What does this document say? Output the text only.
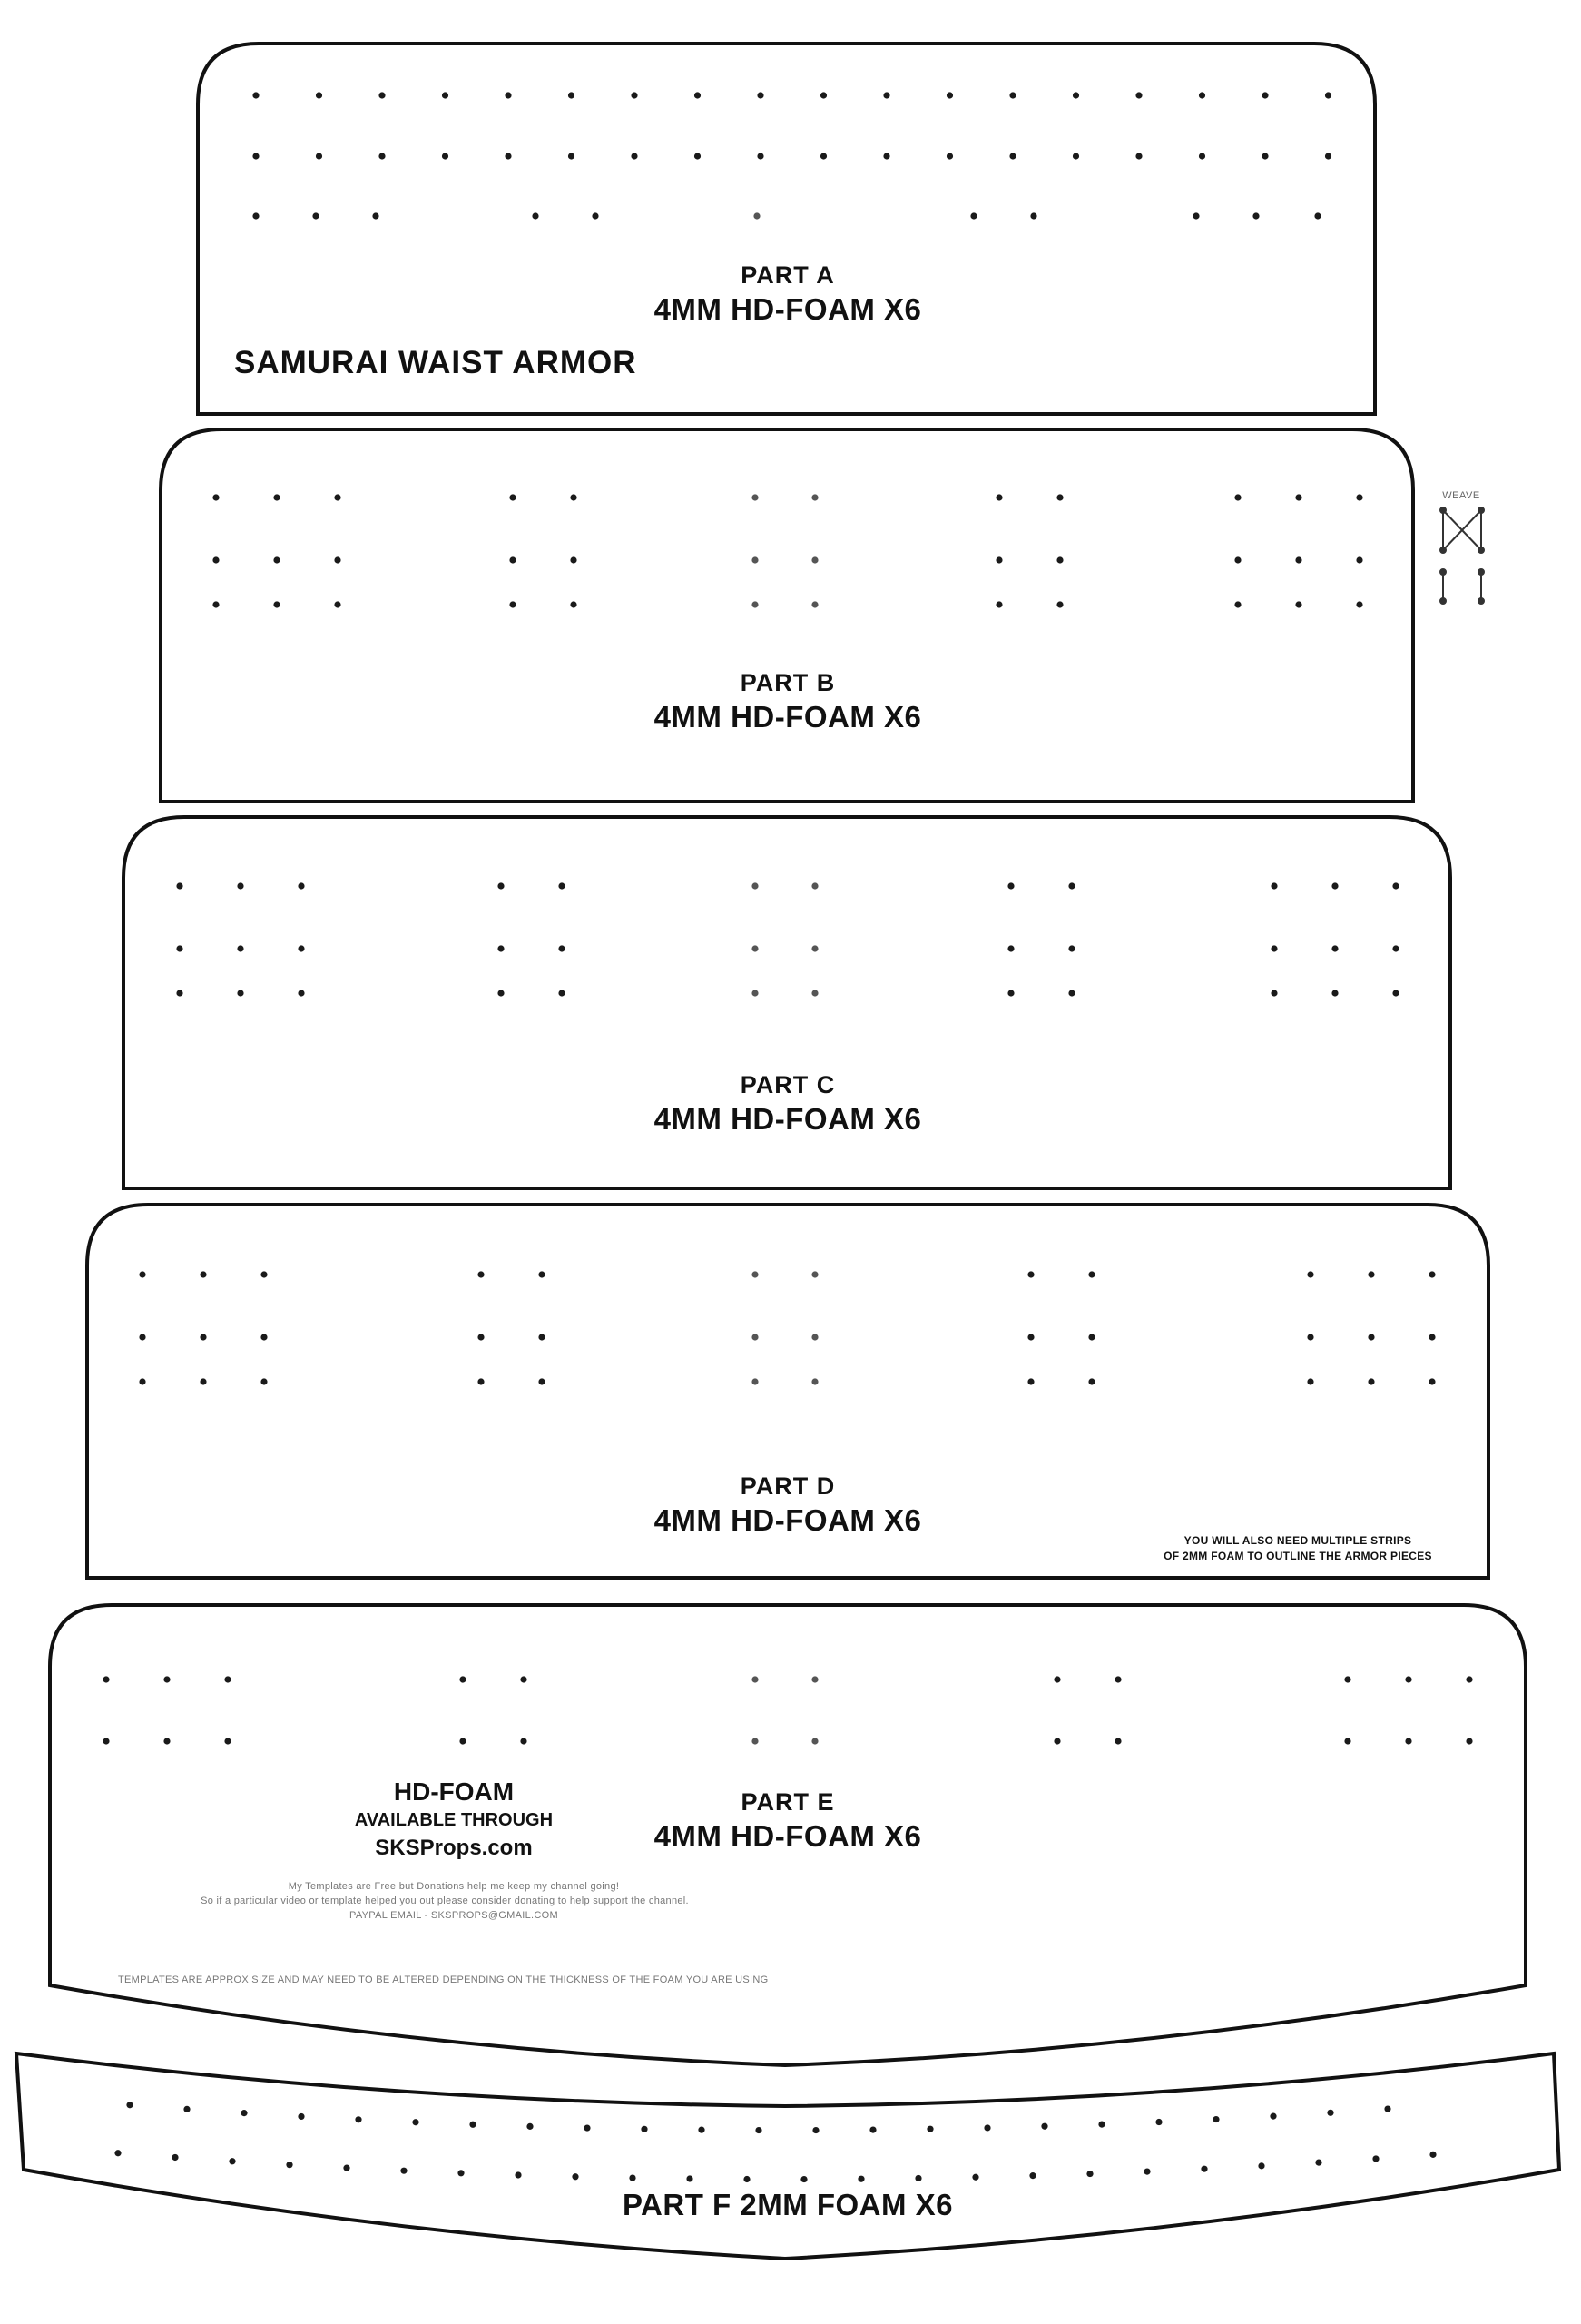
SAMURAI WAIST ARMOR
PART A
4MM HD-FOAM X6
PART B
4MM HD-FOAM X6
PART C
4MM HD-FOAM X6
PART D
4MM HD-FOAM X6
PART E
4MM HD-FOAM X6
PART F 2MM FOAM X6
WEAVE
YOU WILL ALSO NEED MULTIPLE STRIPS
OF 2MM FOAM TO OUTLINE THE ARMOR PIECES
HD-FOAM
AVAILABLE THROUGH
SKSProps.com
My Templates are Free but Donations help me keep my channel going!
So if a particular video or template helped you out please consider donating to help support the channel.
PAYPAL EMAIL - SKSPROPS@GMAIL.COM
TEMPLATES ARE APPROX SIZE AND MAY NEED TO BE ALTERED DEPENDING ON THE THICKNESS OF THE FOAM YOU ARE USING
